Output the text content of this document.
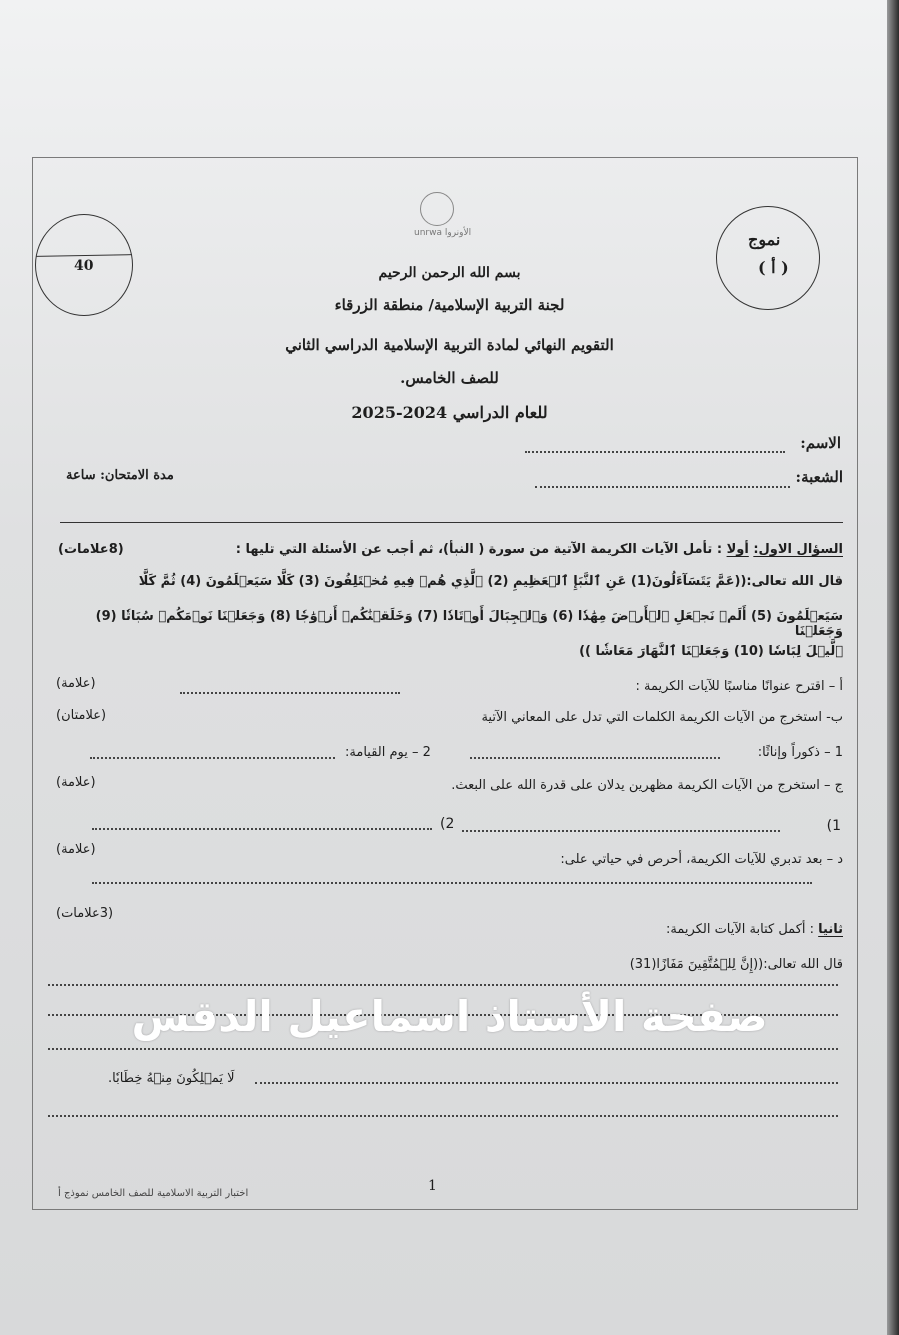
40
نموج
( أ )
unrwa الأونروا
بسم الله الرحمن الرحيم
لجنة التربية الإسلامية/ منطقة الزرقاء
التقويم النهائي لمادة التربية الإسلامية الدراسي الثاني
للصف الخامس.
للعام الدراسي 2024-2025
الاسم:
الشعبة:
مدة الامتحان: ساعة
السؤال الاول: أولا : تأمل الآيات الكريمة الآتية من سورة ( النبأ)، ثم أجب عن الأسئلة التي تليها :
(8علامات)
قال الله تعالى:((عَمَّ يَتَسَآءَلُونَ(1) عَنِ ٱلنَّبَإِ ٱلۡعَظِيمِ (2) ٱلَّذِي هُمۡ فِيهِ مُخۡتَلِفُونَ (3) كَلَّا سَيَعۡلَمُونَ (4) ثُمَّ كَلَّا
سَيَعۡلَمُونَ (5) أَلَمۡ نَجۡعَلِ ٱلۡأَرۡضَ مِهَٰدٗا (6) وَٱلۡجِبَالَ أَوۡتَادٗا (7) وَخَلَقۡنَٰكُمۡ أَزۡوَٰجٗا (8) وَجَعَلۡنَا نَوۡمَكُمۡ سُبَاتٗا (9) وَجَعَلۡنَا
ٱلَّيۡلَ لِبَاسٗا (10) وَجَعَلۡنَا ٱلنَّهَارَ مَعَاشٗا ))
أ – اقترح عنوانًا مناسبًا للآيات الكريمة :
(علامة)
ب- استخرج من الآيات الكريمة الكلمات التي تدل على المعاني الآتية
(علامتان)
1 – ذكوراً وإناثًا:
2 – يوم القيامة:
ج – استخرج من الآيات الكريمة مظهرين يدلان على قدرة الله على البعث.
(علامة)
1)
2)
د – بعد تدبري للآيات الكريمة، أحرص في حياتي على:
(علامة)
ثانيا : أكمل كتابة الآيات الكريمة:
(3علامات)
قال الله تعالى:((إِنَّ لِلۡمُتَّقِينَ مَفَازًا(31)
لَا يَمۡلِكُونَ مِنۡهُ خِطَابٗا.
صفحة الأستاذ اسماعيل الدقس
1
اختبار التربية الاسلامية للصف الخامس نموذج أ
